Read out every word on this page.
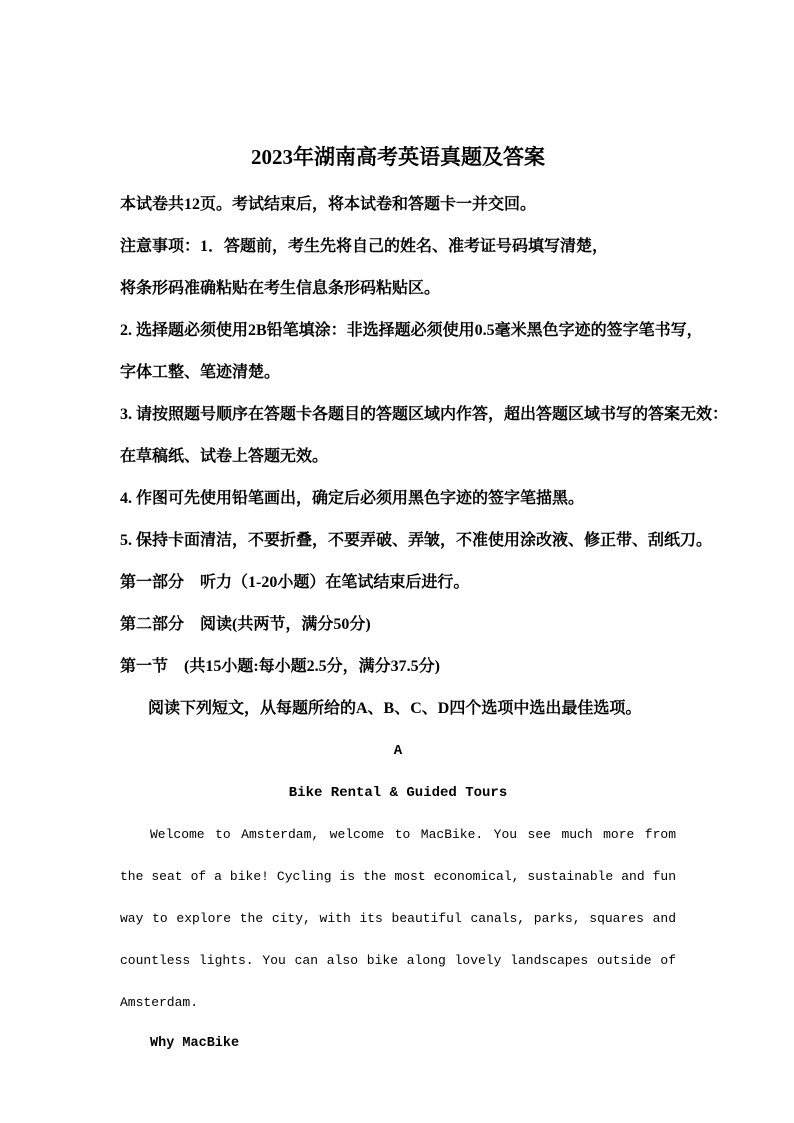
2023年湖南高考英语真题及答案

本试卷共12页。考试结束后，将本试卷和答题卡一并交回。

注意事项：1．答题前，考生先将自己的姓名、准考证号码填写清楚，

将条形码准确粘贴在考生信息条形码粘贴区。

2. 选择题必须使用2B铅笔填涂：非选择题必须使用0.5毫米黑色字迹的签字笔书写，

字体工整、笔迹清楚。

3. 请按照题号顺序在答题卡各题目的答题区域内作答，超出答题区域书写的答案无效：

在草稿纸、试卷上答题无效。

4. 作图可先使用铅笔画出，确定后必须用黑色字迹的签字笔描黑。

5. 保持卡面清洁，不要折叠，不要弄破、弄皱，不准使用涂改液、修正带、刮纸刀。

第一部分　听力（1-20小题）在笔试结束后进行。

第二部分　阅读(共两节，满分50分)

第一节　(共15小题:每小题2.5分，满分37.5分)

阅读下列短文，从每题所给的A、B、C、D四个选项中选出最佳选项。

A

Bike Rental & Guided Tours

Welcome to Amsterdam, welcome to MacBike. You see much more from the seat of a bike! Cycling is the most economical, sustainable and fun way to explore the city, with its beautiful canals, parks, squares and countless lights. You can also bike along lovely landscapes outside of Amsterdam.

Why MacBike
